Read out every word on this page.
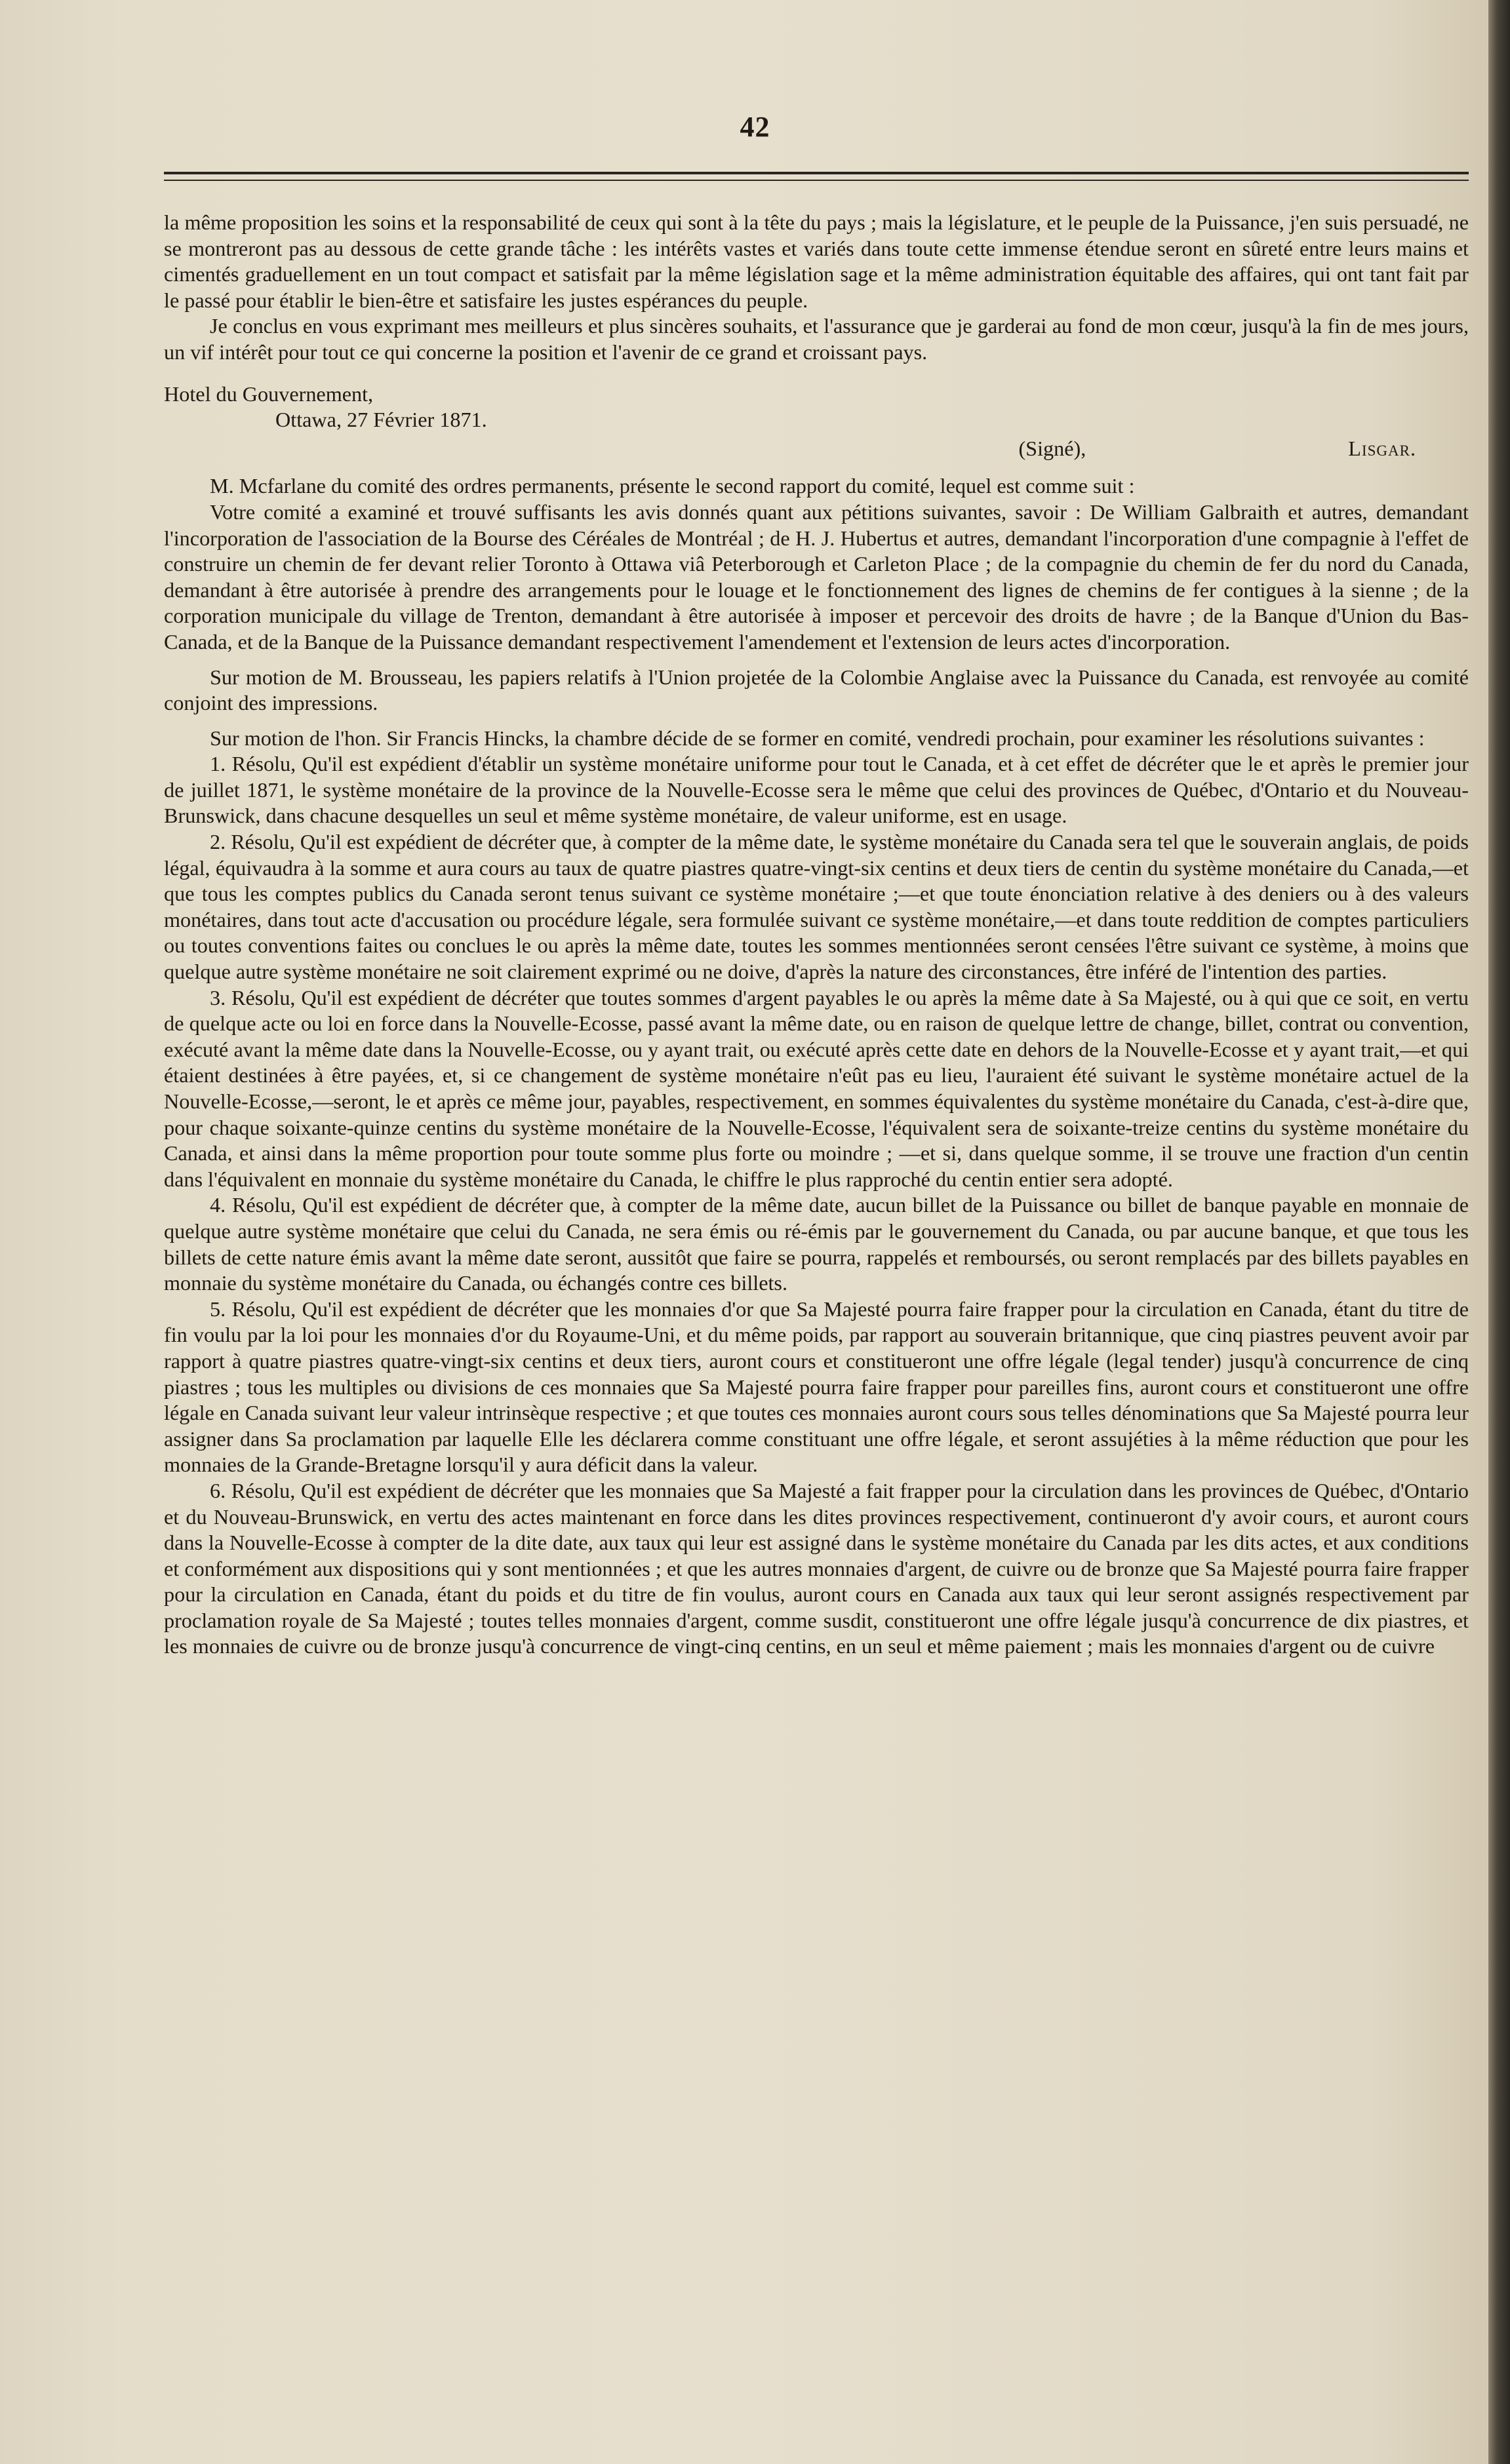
42

la même proposition les soins et la responsabilité de ceux qui sont à la tête du pays ; mais la législature, et le peuple de la Puissance, j'en suis persuadé, ne se montreront pas au dessous de cette grande tâche : les intérêts vastes et variés dans toute cette immense étendue seront en sûreté entre leurs mains et cimentés graduellement en un tout compact et satisfait par la même législation sage et la même administration équitable des affaires, qui ont tant fait par le passé pour établir le bien-être et satisfaire les justes espérances du peuple.

Je conclus en vous exprimant mes meilleurs et plus sincères souhaits, et l'assurance que je garderai au fond de mon cœur, jusqu'à la fin de mes jours, un vif intérêt pour tout ce qui concerne la position et l'avenir de ce grand et croissant pays.

Hotel du Gouvernement,

Ottawa, 27 Février 1871.

(Signé),	Lisgar.

M. Mcfarlane du comité des ordres permanents, présente le second rapport du comité, lequel est comme suit :

Votre comité a examiné et trouvé suffisants les avis donnés quant aux pétitions suivantes, savoir : De William Galbraith et autres, demandant l'incorporation de l'association de la Bourse des Céréales de Montréal ; de H. J. Hubertus et autres, demandant l'incorporation d'une compagnie à l'effet de construire un chemin de fer devant relier Toronto à Ottawa viâ Peterborough et Carleton Place ; de la compagnie du chemin de fer du nord du Canada, demandant à être autorisée à prendre des arrangements pour le louage et le fonctionnement des lignes de chemins de fer contigues à la sienne ; de la corporation municipale du village de Trenton, demandant à être autorisée à imposer et percevoir des droits de havre ; de la Banque d'Union du Bas-Canada, et de la Banque de la Puissance demandant respectivement l'amendement et l'extension de leurs actes d'incorporation.

Sur motion de M. Brousseau, les papiers relatifs à l'Union projetée de la Colombie Anglaise avec la Puissance du Canada, est renvoyée au comité conjoint des impressions.

Sur motion de l'hon. Sir Francis Hincks, la chambre décide de se former en comité, vendredi prochain, pour examiner les résolutions suivantes :

1. Résolu, Qu'il est expédient d'établir un système monétaire uniforme pour tout le Canada, et à cet effet de décréter que le et après le premier jour de juillet 1871, le système monétaire de la province de la Nouvelle-Ecosse sera le même que celui des provinces de Québec, d'Ontario et du Nouveau-Brunswick, dans chacune desquelles un seul et même système monétaire, de valeur uniforme, est en usage.

2. Résolu, Qu'il est expédient de décréter que, à compter de la même date, le système monétaire du Canada sera tel que le souverain anglais, de poids légal, équivaudra à la somme et aura cours au taux de quatre piastres quatre-vingt-six centins et deux tiers de centin du système monétaire du Canada,—et que tous les comptes publics du Canada seront tenus suivant ce système monétaire ;—et que toute énonciation relative à des deniers ou à des valeurs monétaires, dans tout acte d'accusation ou procédure légale, sera formulée suivant ce système monétaire,—et dans toute reddition de comptes particuliers ou toutes conventions faites ou conclues le ou après la même date, toutes les sommes mentionnées seront censées l'être suivant ce système, à moins que quelque autre système monétaire ne soit clairement exprimé ou ne doive, d'après la nature des circonstances, être inféré de l'intention des parties.

3. Résolu, Qu'il est expédient de décréter que toutes sommes d'argent payables le ou après la même date à Sa Majesté, ou à qui que ce soit, en vertu de quelque acte ou loi en force dans la Nouvelle-Ecosse, passé avant la même date, ou en raison de quelque lettre de change, billet, contrat ou convention, exécuté avant la même date dans la Nouvelle-Ecosse, ou y ayant trait, ou exécuté après cette date en dehors de la Nouvelle-Ecosse et y ayant trait,—et qui étaient destinées à être payées, et, si ce changement de système monétaire n'eût pas eu lieu, l'auraient été suivant le système monétaire actuel de la Nouvelle-Ecosse,—seront, le et après ce même jour, payables, respectivement, en sommes équivalentes du système monétaire du Canada, c'est-à-dire que, pour chaque soixante-quinze centins du système monétaire de la Nouvelle-Ecosse, l'équivalent sera de soixante-treize centins du système monétaire du Canada, et ainsi dans la même proportion pour toute somme plus forte ou moindre ; —et si, dans quelque somme, il se trouve une fraction d'un centin dans l'équivalent en monnaie du système monétaire du Canada, le chiffre le plus rapproché du centin entier sera adopté.

4. Résolu, Qu'il est expédient de décréter que, à compter de la même date, aucun billet de la Puissance ou billet de banque payable en monnaie de quelque autre système monétaire que celui du Canada, ne sera émis ou ré-émis par le gouvernement du Canada, ou par aucune banque, et que tous les billets de cette nature émis avant la même date seront, aussitôt que faire se pourra, rappelés et remboursés, ou seront remplacés par des billets payables en monnaie du système monétaire du Canada, ou échangés contre ces billets.

5. Résolu, Qu'il est expédient de décréter que les monnaies d'or que Sa Majesté pourra faire frapper pour la circulation en Canada, étant du titre de fin voulu par la loi pour les monnaies d'or du Royaume-Uni, et du même poids, par rapport au souverain britannique, que cinq piastres peuvent avoir par rapport à quatre piastres quatre-vingt-six centins et deux tiers, auront cours et constitueront une offre légale (legal tender) jusqu'à concurrence de cinq piastres ; tous les multiples ou divisions de ces monnaies que Sa Majesté pourra faire frapper pour pareilles fins, auront cours et constitueront une offre légale en Canada suivant leur valeur intrinsèque respective ; et que toutes ces monnaies auront cours sous telles dénominations que Sa Majesté pourra leur assigner dans Sa proclamation par laquelle Elle les déclarera comme constituant une offre légale, et seront assujéties à la même réduction que pour les monnaies de la Grande-Bretagne lorsqu'il y aura déficit dans la valeur.

6. Résolu, Qu'il est expédient de décréter que les monnaies que Sa Majesté a fait frapper pour la circulation dans les provinces de Québec, d'Ontario et du Nouveau-Brunswick, en vertu des actes maintenant en force dans les dites provinces respectivement, continueront d'y avoir cours, et auront cours dans la Nouvelle-Ecosse à compter de la dite date, aux taux qui leur est assigné dans le système monétaire du Canada par les dits actes, et aux conditions et conformément aux dispositions qui y sont mentionnées ; et que les autres monnaies d'argent, de cuivre ou de bronze que Sa Majesté pourra faire frapper pour la circulation en Canada, étant du poids et du titre de fin voulus, auront cours en Canada aux taux qui leur seront assignés respectivement par proclamation royale de Sa Majesté ; toutes telles monnaies d'argent, comme susdit, constitueront une offre légale jusqu'à concurrence de dix piastres, et les monnaies de cuivre ou de bronze jusqu'à concurrence de vingt-cinq centins, en un seul et même paiement ; mais les monnaies d'argent ou de cuivre
